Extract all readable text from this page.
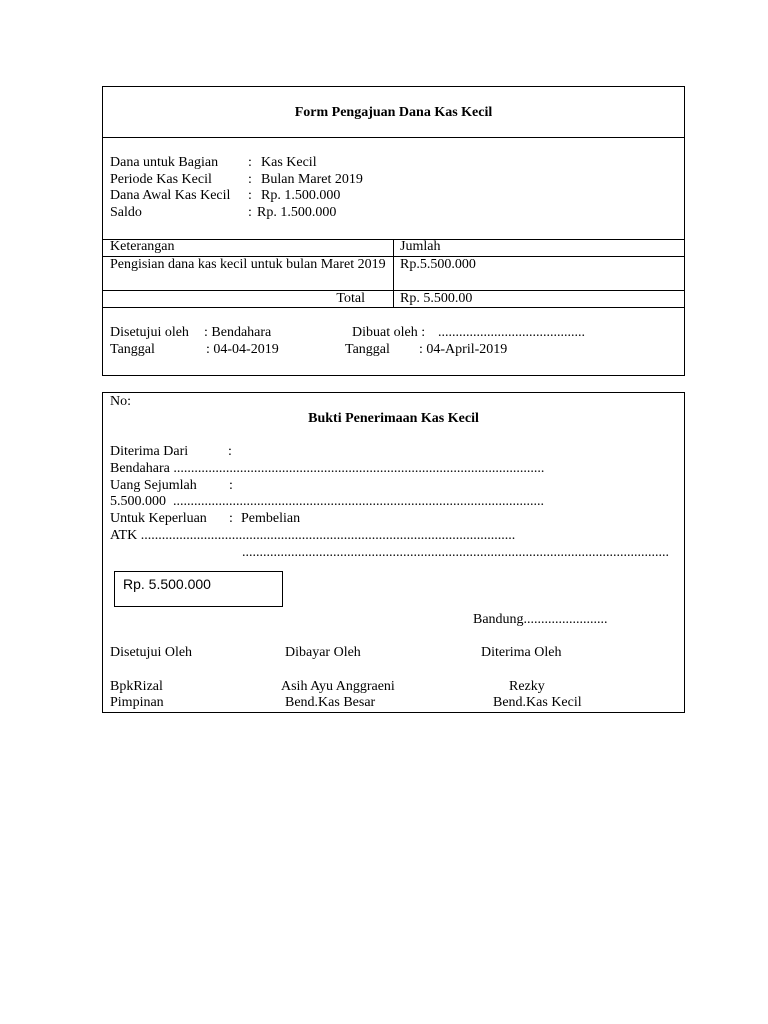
Form Pengajuan Dana Kas Kecil
Dana untuk Bagian : Kas Kecil
Periode Kas Kecil	: Bulan Maret 2019
Dana Awal Kas Kecil : Rp. 1.500.000
Saldo	: Rp. 1.500.000
Keterangan	Jumlah
Pengisian dana kas kecil untuk bulan Maret 2019	Rp.5.500.000
Total	Rp. 5.500.00
Disetujui oleh : Bendahara	Dibuat oleh : ..........................................
Tanggal	: 04-04-2019	Tanggal : 04-April-2019
No:
Bukti Penerimaan Kas Kecil
Diterima Dari	:
Bendahara ..........................................................................................................
Uang Sejumlah :
5.500.000  ..........................................................................................................
Untuk Keperluan : Pembelian
ATK ...........................................................................................................
..........................................................................................................................
Rp. 5.500.000
Bandung........................
Disetujui Oleh	Dibayar Oleh	Diterima Oleh
BpkRizal	Asih Ayu Anggraeni	Rezky
Pimpinan	Bend.Kas Besar	Bend.Kas Kecil
